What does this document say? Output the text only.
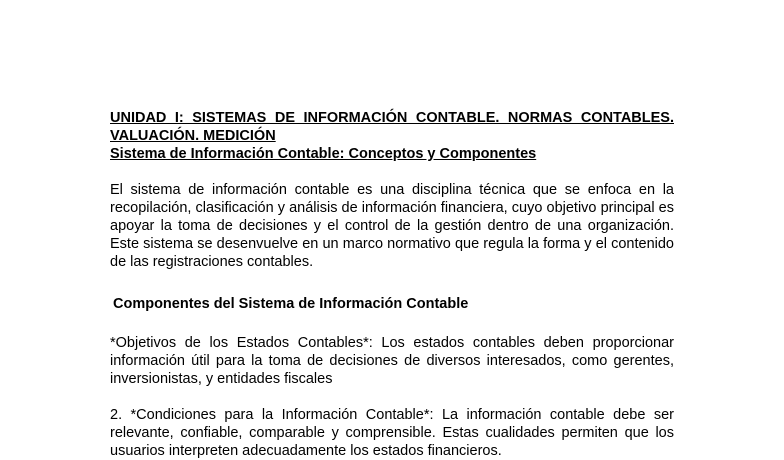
UNIDAD I: SISTEMAS DE INFORMACIÓN CONTABLE. NORMAS CONTABLES. VALUACIÓN. MEDICIÓN

Sistema de Información Contable: Conceptos y Componentes

El sistema de información contable es una disciplina técnica que se enfoca en la recopilación, clasificación y análisis de información financiera, cuyo objetivo principal es apoyar la toma de decisiones y el control de la gestión dentro de una organización. Este sistema se desenvuelve en un marco normativo que regula la forma y el contenido de las registraciones contables.

Componentes del Sistema de Información Contable

*Objetivos de los Estados Contables*: Los estados contables deben proporcionar información útil para la toma de decisiones de diversos interesados, como gerentes, inversionistas, y entidades fiscales

2. *Condiciones para la Información Contable*: La información contable debe ser relevante, confiable, comparable y comprensible. Estas cualidades permiten que los usuarios interpreten adecuadamente los estados financieros.
